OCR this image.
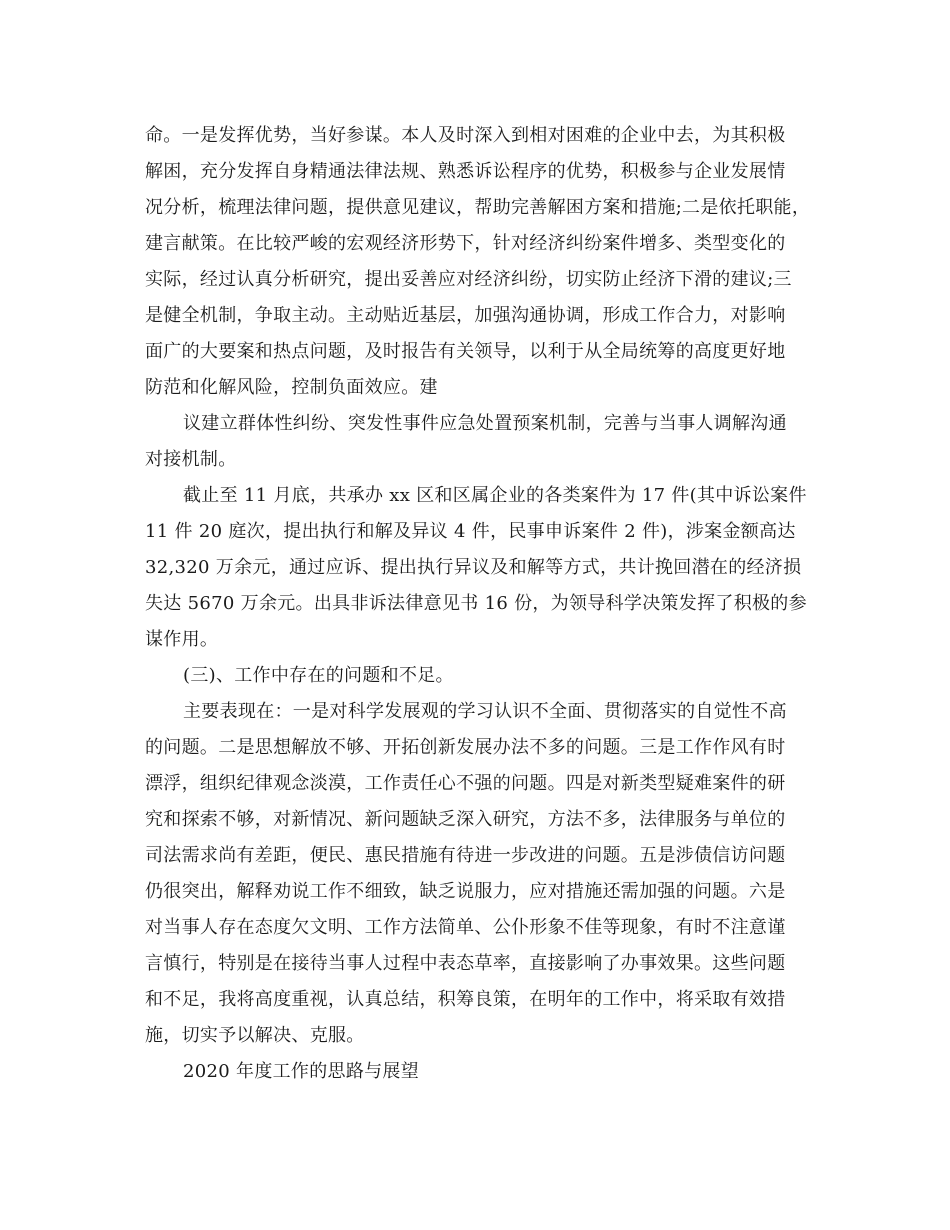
命。一是发挥优势，当好参谋。本人及时深入到相对困难的企业中去，为其积极
解困，充分发挥自身精通法律法规、熟悉诉讼程序的优势，积极参与企业发展情
况分析，梳理法律问题，提供意见建议，帮助完善解困方案和措施;二是依托职能，
建言献策。在比较严峻的宏观经济形势下，针对经济纠纷案件增多、类型变化的
实际，经过认真分析研究，提出妥善应对经济纠纷，切实防止经济下滑的建议;三
是健全机制，争取主动。主动贴近基层，加强沟通协调，形成工作合力，对影响
面广的大要案和热点问题，及时报告有关领导，以利于从全局统筹的高度更好地
防范和化解风险，控制负面效应。建
议建立群体性纠纷、突发性事件应急处置预案机制，完善与当事人调解沟通
对接机制。
截止至 11 月底，共承办 xx 区和区属企业的各类案件为 17 件(其中诉讼案件
11 件 20 庭次，提出执行和解及异议 4 件，民事申诉案件 2 件)，涉案金额高达
32,320 万余元，通过应诉、提出执行异议及和解等方式，共计挽回潜在的经济损
失达 5670 万余元。出具非诉法律意见书 16 份，为领导科学决策发挥了积极的参
谋作用。
(三)、工作中存在的问题和不足。
主要表现在：一是对科学发展观的学习认识不全面、贯彻落实的自觉性不高
的问题。二是思想解放不够、开拓创新发展办法不多的问题。三是工作作风有时
漂浮，组织纪律观念淡漠，工作责任心不强的问题。四是对新类型疑难案件的研
究和探索不够，对新情况、新问题缺乏深入研究，方法不多，法律服务与单位的
司法需求尚有差距，便民、惠民措施有待进一步改进的问题。五是涉债信访问题
仍很突出，解释劝说工作不细致，缺乏说服力，应对措施还需加强的问题。六是
对当事人存在态度欠文明、工作方法简单、公仆形象不佳等现象，有时不注意谨
言慎行，特别是在接待当事人过程中表态草率，直接影响了办事效果。这些问题
和不足，我将高度重视，认真总结，积筹良策，在明年的工作中，将采取有效措
施，切实予以解决、克服。
2020 年度工作的思路与展望
